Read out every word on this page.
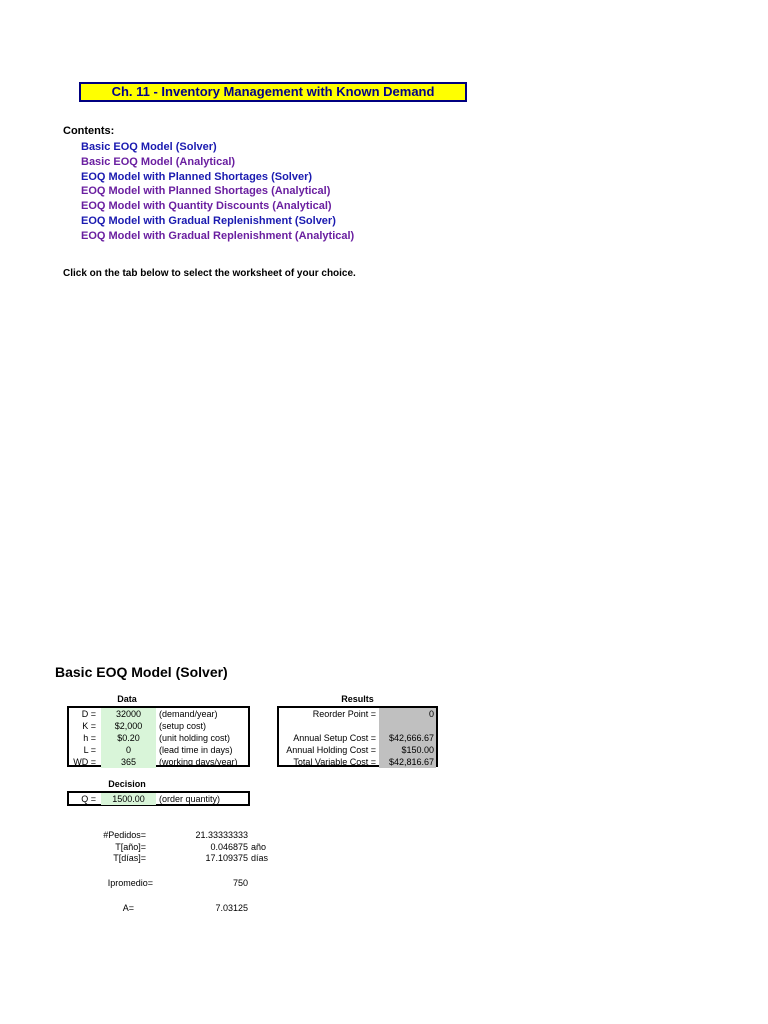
Ch. 11 - Inventory Management with Known Demand
Contents:
Basic EOQ Model (Solver)
Basic EOQ Model (Analytical)
EOQ Model with Planned Shortages (Solver)
EOQ Model with Planned Shortages (Analytical)
EOQ Model with Quantity Discounts (Analytical)
EOQ Model with Gradual Replenishment (Solver)
EOQ Model with Gradual Replenishment (Analytical)
Click on the tab below to select the worksheet of your choice.
Basic EOQ Model (Solver)
Data
D =	32000	(demand/year)
K =	$2,000	(setup cost)
h =	$0.20	(unit holding cost)
L =	0	(lead time in days)
WD =	365	(working days/year)
Results
Reorder Point =	0
Annual Setup Cost =	$42,666.67
Annual Holding Cost =	$150.00
Total Variable Cost =	$42,816.67
Decision
Q =	1500.00	(order quantity)
#Pedidos=	21.33333333
T[año]=	0.046875 año
T[días]=	17.109375 días
Ipromedio=	750
A=	7.03125
